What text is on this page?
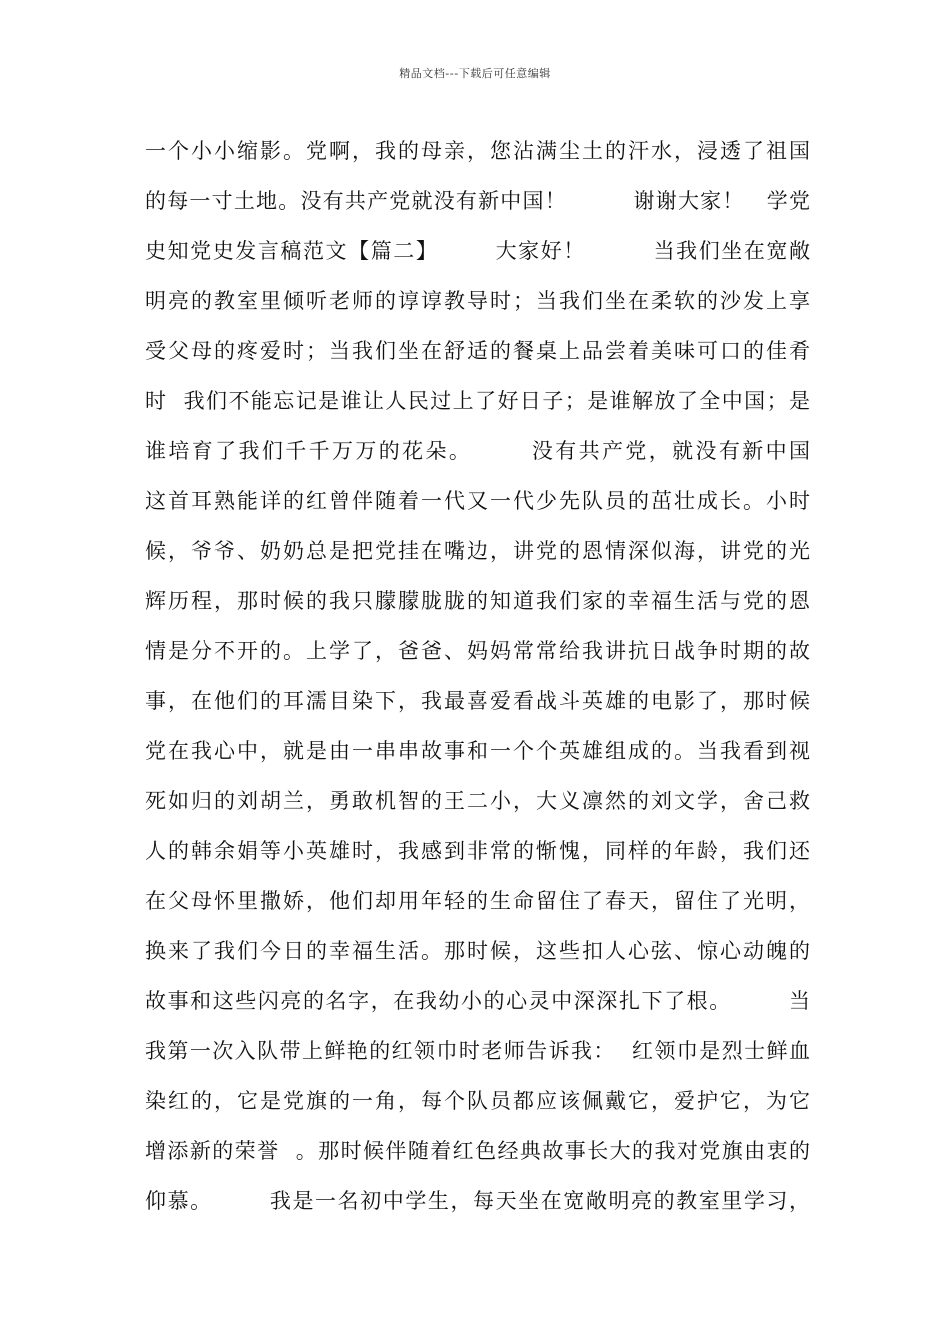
精品文档---下载后可任意编辑
一个小小缩影。党啊，我的母亲，您沾满尘土的汗水，浸透了祖国
的每一寸土地。没有共产党就没有新中国！　　　谢谢大家！　学党
史知党史发言稿范文【篇二】　　　大家好！　　　当我们坐在宽敞
明亮的教室里倾听老师的谆谆教导时；当我们坐在柔软的沙发上享
受父母的疼爱时；当我们坐在舒适的餐桌上品尝着美味可口的佳肴
时  我们不能忘记是谁让人民过上了好日子；是谁解放了全中国；是
谁培育了我们千千万万的花朵。　　　没有共产党，就没有新中国
这首耳熟能详的红曾伴随着一代又一代少先队员的茁壮成长。小时
候，爷爷、奶奶总是把党挂在嘴边，讲党的恩情深似海，讲党的光
辉历程，那时候的我只朦朦胧胧的知道我们家的幸福生活与党的恩
情是分不开的。上学了，爸爸、妈妈常常给我讲抗日战争时期的故
事，在他们的耳濡目染下，我最喜爱看战斗英雄的电影了，那时候
党在我心中，就是由一串串故事和一个个英雄组成的。当我看到视
死如归的刘胡兰，勇敢机智的王二小，大义凛然的刘文学，舍己救
人的韩余娟等小英雄时，我感到非常的惭愧，同样的年龄，我们还
在父母怀里撒娇，他们却用年轻的生命留住了春天，留住了光明，
换来了我们今日的幸福生活。那时候，这些扣人心弦、惊心动魄的
故事和这些闪亮的名字，在我幼小的心灵中深深扎下了根。　　　当
我第一次入队带上鲜艳的红领巾时老师告诉我：  红领巾是烈士鲜血
染红的，它是党旗的一角，每个队员都应该佩戴它，爱护它，为它
增添新的荣誉  。那时候伴随着红色经典故事长大的我对党旗由衷的
仰慕。　　　我是一名初中学生，每天坐在宽敞明亮的教室里学习，
